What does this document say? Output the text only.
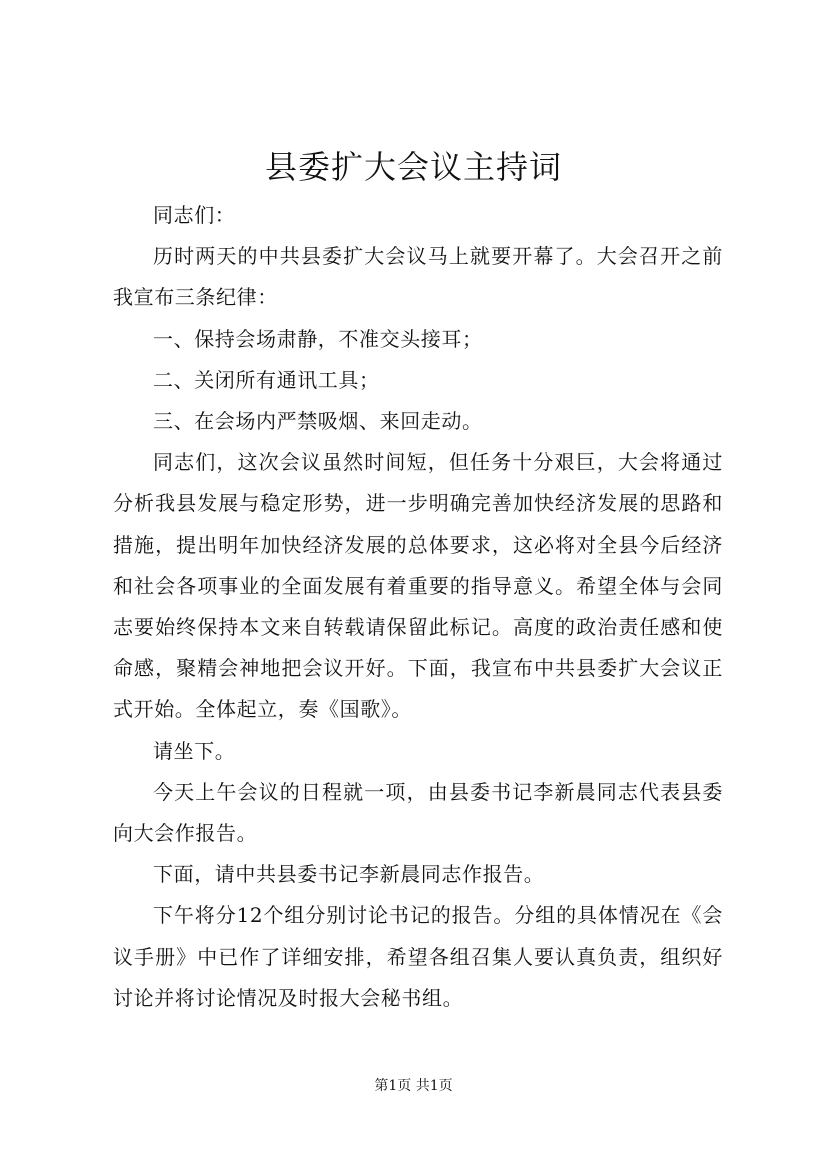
县委扩大会议主持词

同志们：

历时两天的中共县委扩大会议马上就要开幕了。大会召开之前我宣布三条纪律：

一、保持会场肃静，不准交头接耳；

二、关闭所有通讯工具；

三、在会场内严禁吸烟、来回走动。

同志们，这次会议虽然时间短，但任务十分艰巨，大会将通过分析我县发展与稳定形势，进一步明确完善加快经济发展的思路和措施，提出明年加快经济发展的总体要求，这必将对全县今后经济和社会各项事业的全面发展有着重要的指导意义。希望全体与会同志要始终保持本文来自转载请保留此标记。高度的政治责任感和使命感，聚精会神地把会议开好。下面，我宣布中共县委扩大会议正式开始。全体起立，奏《国歌》。

请坐下。

今天上午会议的日程就一项，由县委书记李新晨同志代表县委向大会作报告。

下面，请中共县委书记李新晨同志作报告。

下午将分12个组分别讨论书记的报告。分组的具体情况在《会议手册》中已作了详细安排，希望各组召集人要认真负责，组织好讨论并将讨论情况及时报大会秘书组。

第1页 共1页
